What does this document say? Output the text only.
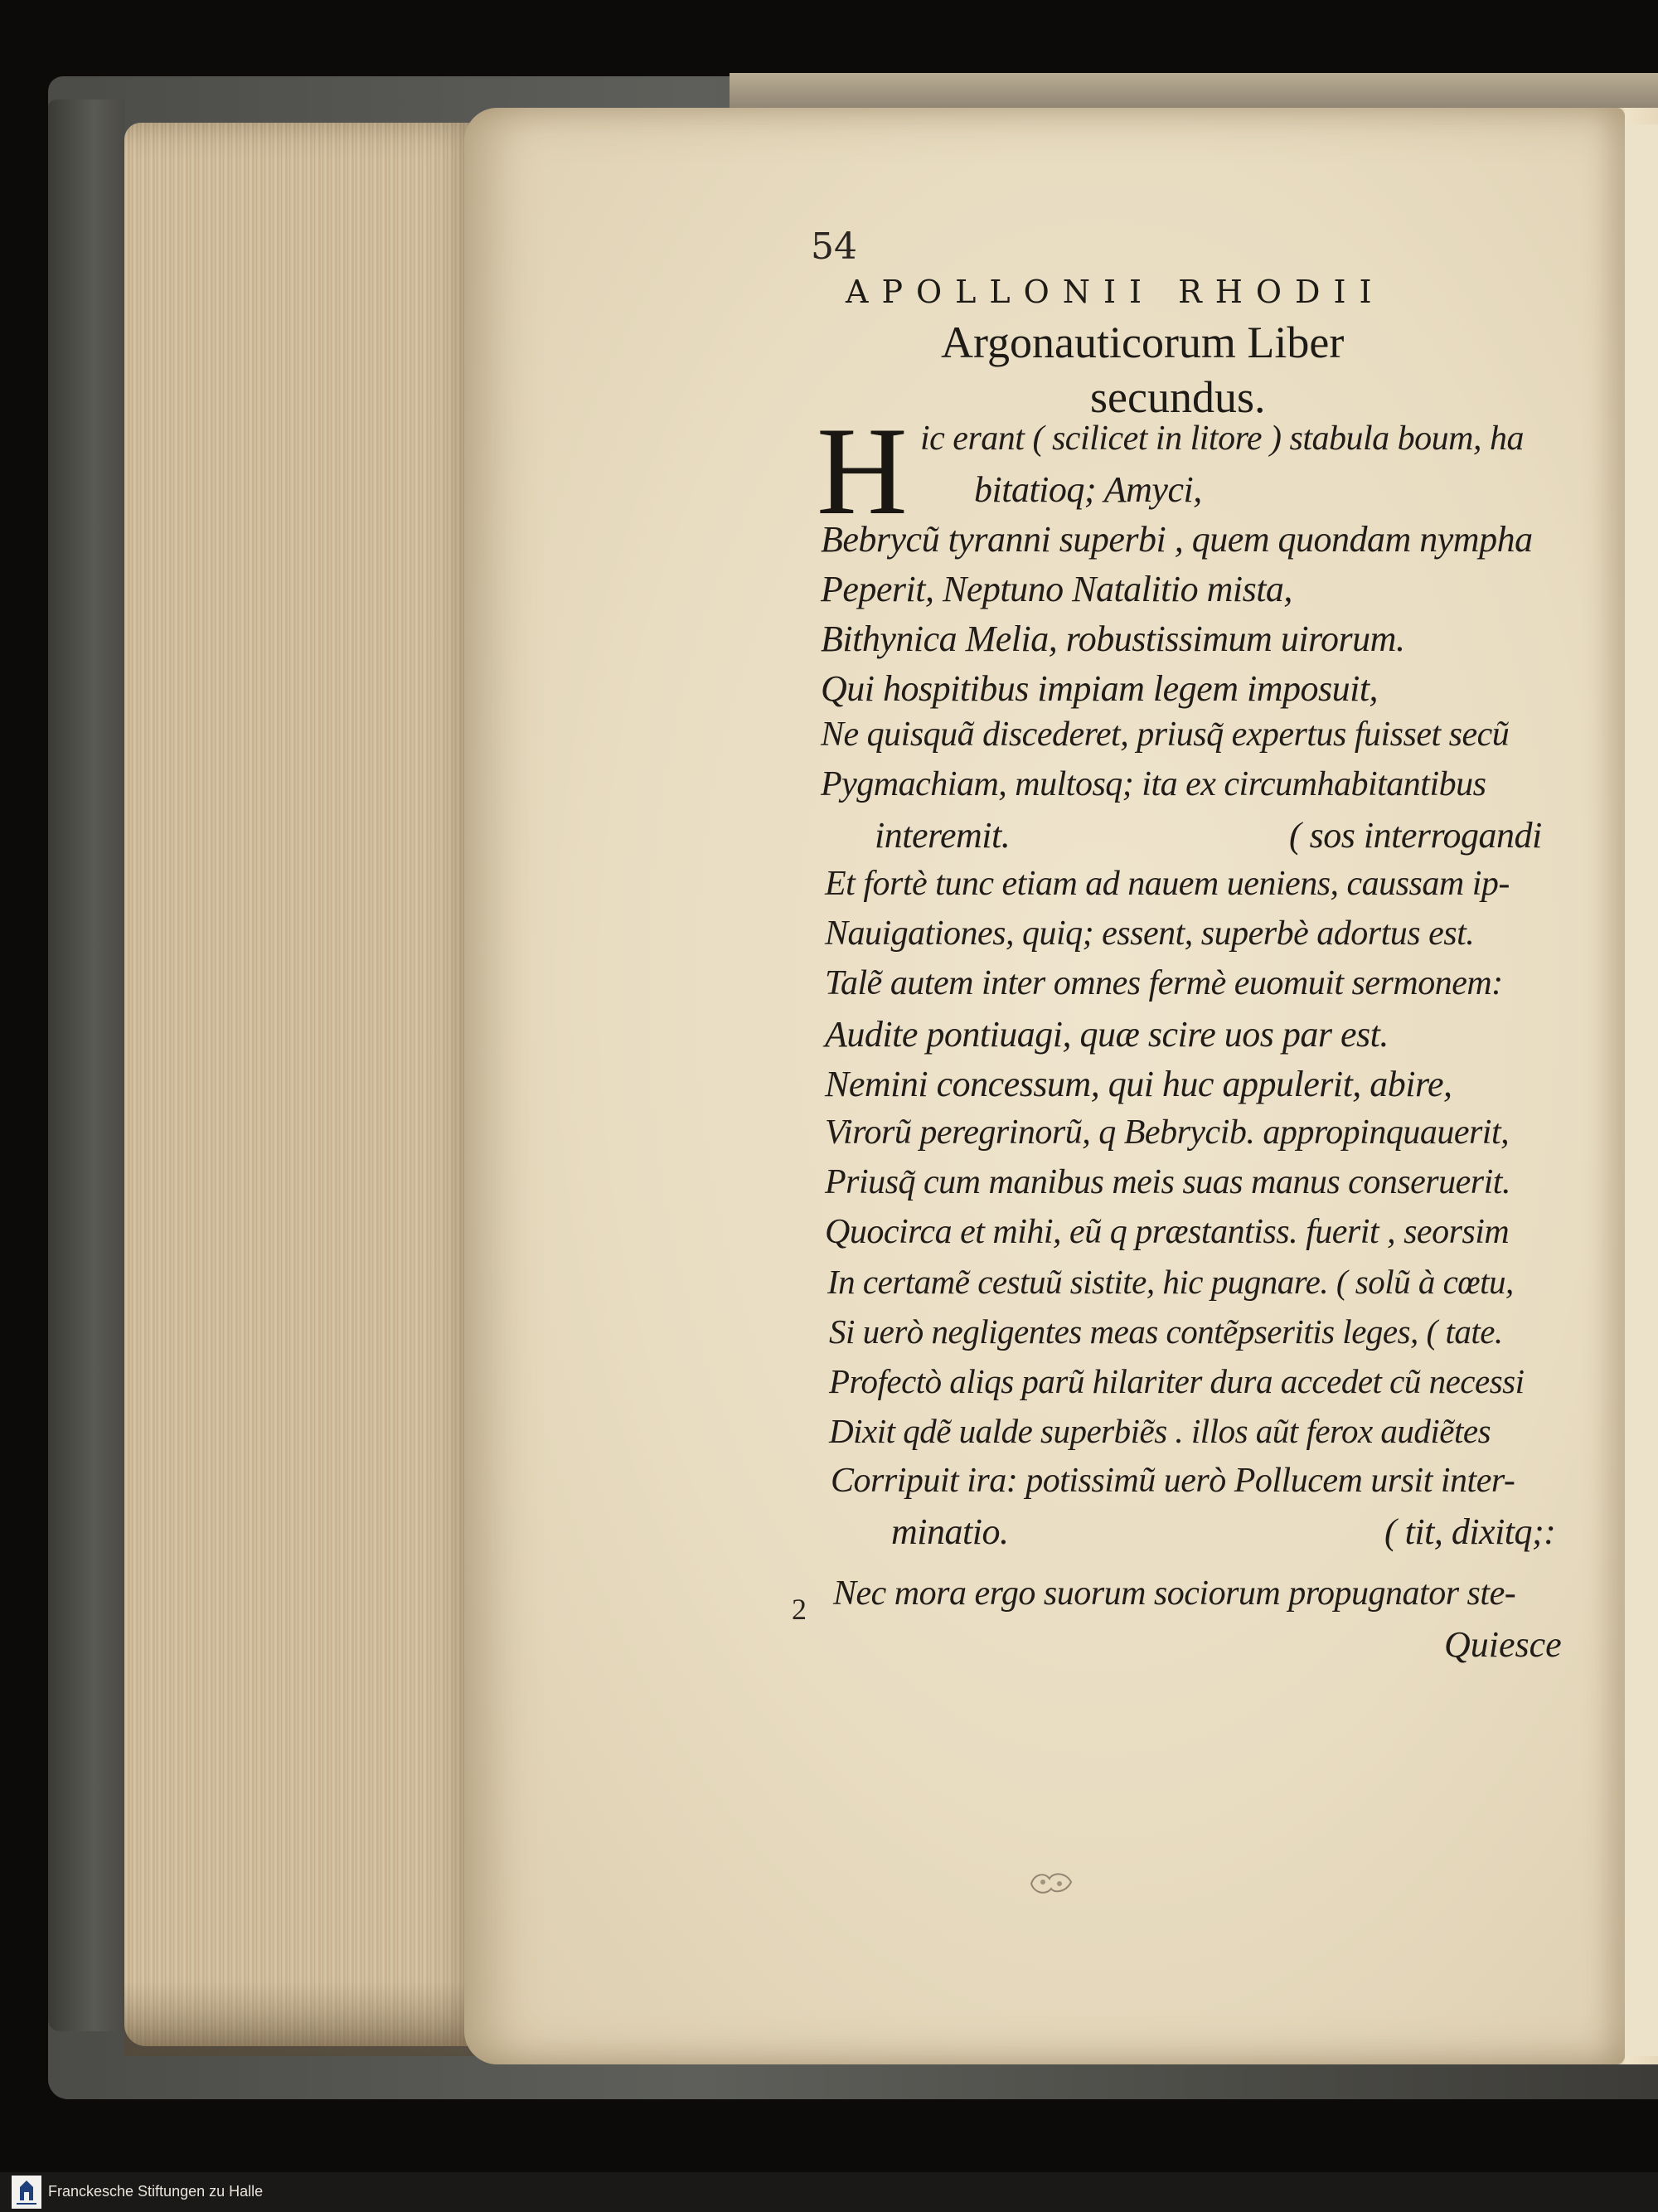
54
APOLLONII RHODII
Argonauticorum Liber
secundus.
H ic erant ( scilicet in litore ) stabula boum, ha
bitatioq; Amyci,
Bebrycũ tyranni superbi , quem quondam nympha
Peperit, Neptuno Natalitio mista,
Bithynica Melia, robustissimum uirorum.
Qui hospitibus impiam legem imposuit,
Ne quisquã discederet, priusq̃ expertus fuisset secũ
Pygmachiam, multosq; ita ex circumhabitantibus
interemit.	( sos interrogandi
Et fortè tunc etiam ad nauem ueniens, caussam ip-
Nauigationes, quiq; essent, superbè adortus est.
Talẽ autem inter omnes fermè euomuit sermonem:
Audite pontiuagi, quæ scire uos par est.
Nemini concessum, qui huc appulerit, abire,
Virorũ peregrinorũ, q Bebrycib. appropinquauerit,
Priusq̃ cum manibus meis suas manus conseruerit.
Quocirca et mihi, eũ q præstantiss. fuerit , seorsim
In certamẽ cestuũ sistite, hic pugnare. ( solũ à cœtu,
Si uerò negligentes meas contẽpseritis leges, ( tate.
Profectò aliqs parũ hilariter dura accedet cũ necessi
Dixit qdẽ ualde superbiẽs . illos aũt ferox audiẽtes
Corripuit ira: potissimũ uerò Pollucem ursit inter-
minatio.	( tit, dixitq;:
Nec mora ergo suorum sociorum propugnator ste-
2
Quiesce
Franckesche Stiftungen zu Halle
